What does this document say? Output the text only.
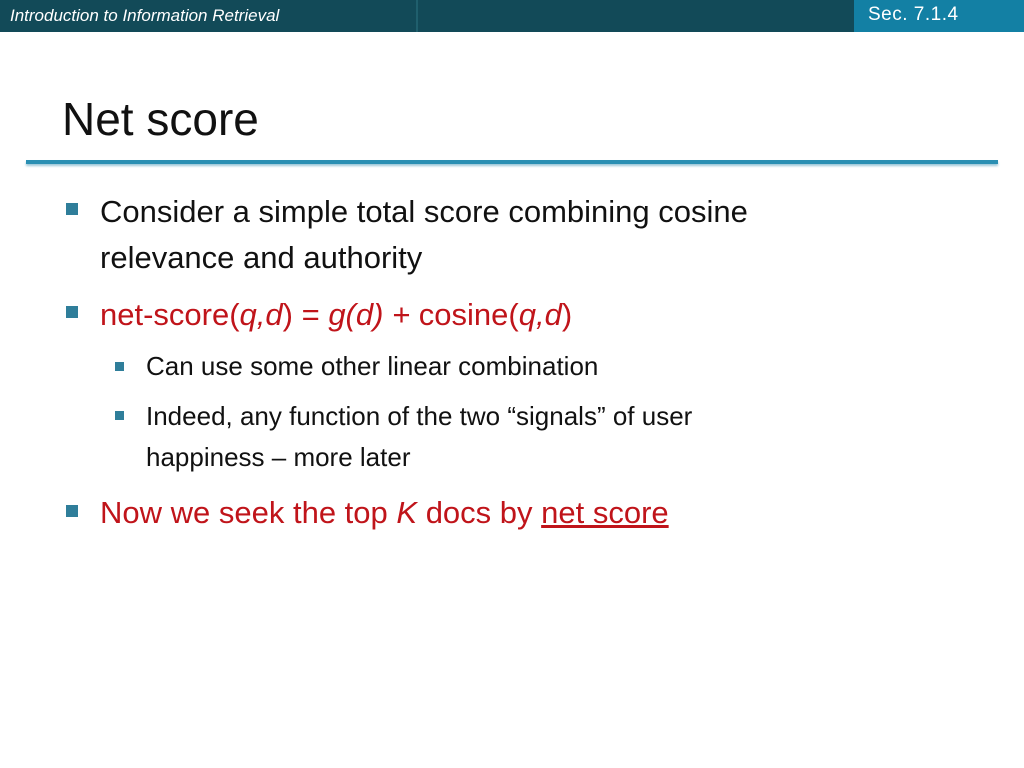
Introduction to Information Retrieval	Sec. 7.1.4
Net score
Consider a simple total score combining cosine
relevance and authority
net-score(q,d) = g(d) + cosine(q,d)
Can use some other linear combination
Indeed, any function of the two “signals” of user
happiness – more later
Now we seek the top K docs by net score
